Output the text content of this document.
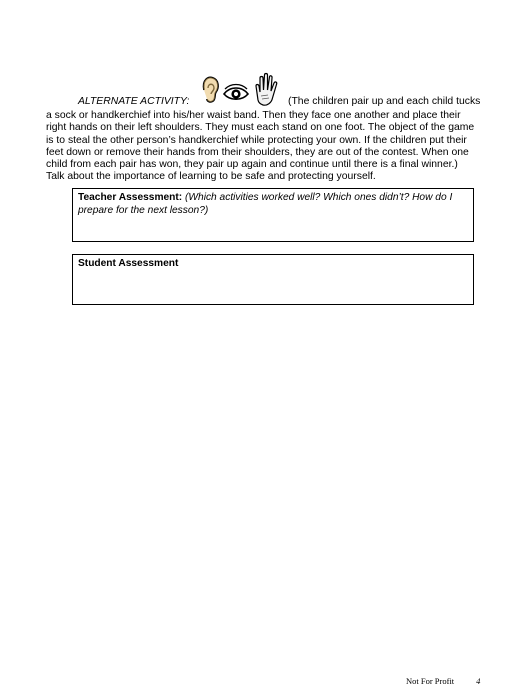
ALTERNATE ACTIVITY:	(The children pair up and each child tucks
a sock or handkerchief into his/her waist band. Then they face one another and place their
right hands on their left shoulders. They must each stand on one foot. The object of the game
is to steal the other person’s handkerchief while protecting your own. If the children put their
feet down or remove their hands from their shoulders, they are out of the contest. When one
child from each pair has won, they pair up again and continue until there is a final winner.)
Talk about the importance of learning to be safe and protecting yourself.
Teacher Assessment: (Which activities worked well? Which ones didn’t? How do I
prepare for the next lesson?)
Student Assessment
Not For Profit	4
